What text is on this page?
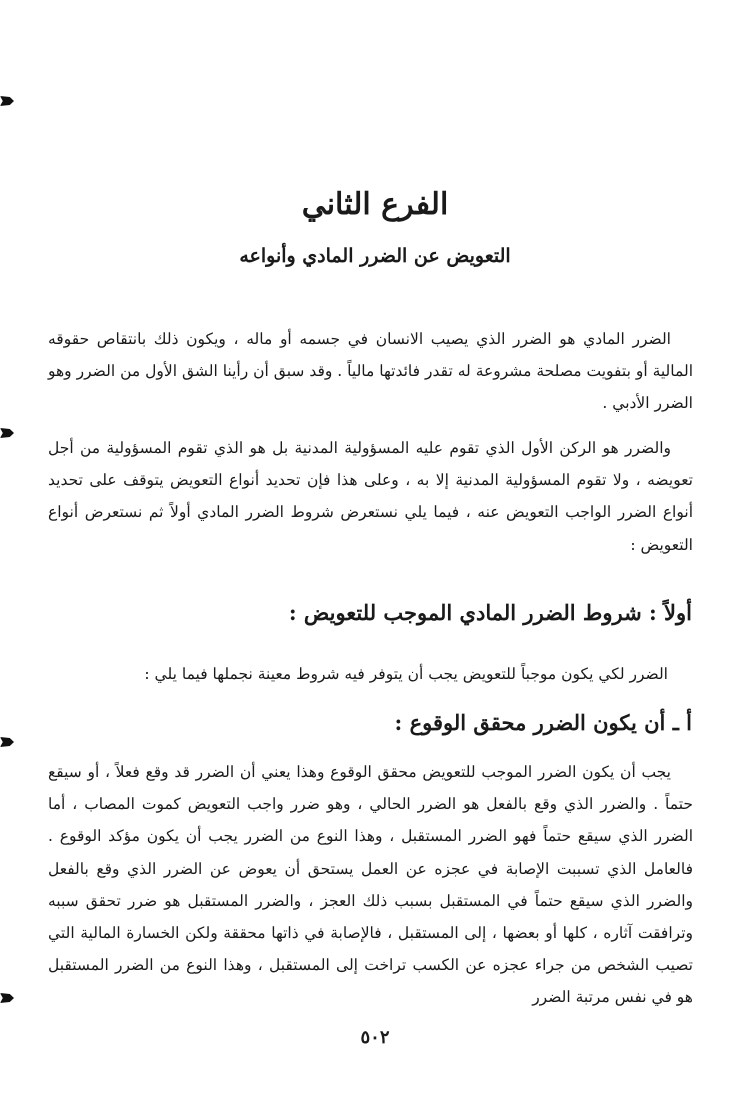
الفرع الثاني
التعويض عن الضرر المادي وأنواعه

الضرر المادي هو الضرر الذي يصيب الانسان في جسمه أو ماله ، ويكون ذلك بانتقاص حقوقه المالية أو بتفويت مصلحة مشروعة له تقدر فائدتها مالياً . وقد سبق أن رأينا الشق الأول من الضرر وهو الضرر الأدبي .

والضرر هو الركن الأول الذي تقوم عليه المسؤولية المدنية بل هو الذي تقوم المسؤولية من أجل تعويضه ، ولا تقوم المسؤولية المدنية إلا به ، وعلى هذا فإن تحديد أنواع التعويض يتوقف على تحديد أنواع الضرر الواجب التعويض عنه ، فيما يلي نستعرض شروط الضرر المادي أولاً ثم نستعرض أنواع التعويض :

أولاً : شروط الضرر المادي الموجب للتعويض :
الضرر لكي يكون موجباً للتعويض يجب أن يتوفر فيه شروط معينة نجملها فيما يلي :
أ ـ أن يكون الضرر محقق الوقوع :

يجب أن يكون الضرر الموجب للتعويض محقق الوقوع وهذا يعني أن الضرر قد وقع فعلاً ، أو سيقع حتماً . والضرر الذي وقع بالفعل هو الضرر الحالي ، وهو ضرر واجب التعويض كموت المصاب ، أما الضرر الذي سيقع حتماً فهو الضرر المستقبل ، وهذا النوع من الضرر يجب أن يكون مؤكد الوقوع . فالعامل الذي تسببت الإصابة في عجزه عن العمل يستحق أن يعوض عن الضرر الذي وقع بالفعل والضرر الذي سيقع حتماً في المستقبل بسبب ذلك العجز ، والضرر المستقبل هو ضرر تحقق سببه وترافقت آثاره ، كلها أو بعضها ، إلى المستقبل ، فالإصابة في ذاتها محققة ولكن الخسارة المالية التي تصيب الشخص من جراء عجزه عن الكسب تراخت إلى المستقبل ، وهذا النوع من الضرر المستقبل هو في نفس مرتبة الضرر

٥٠٢
